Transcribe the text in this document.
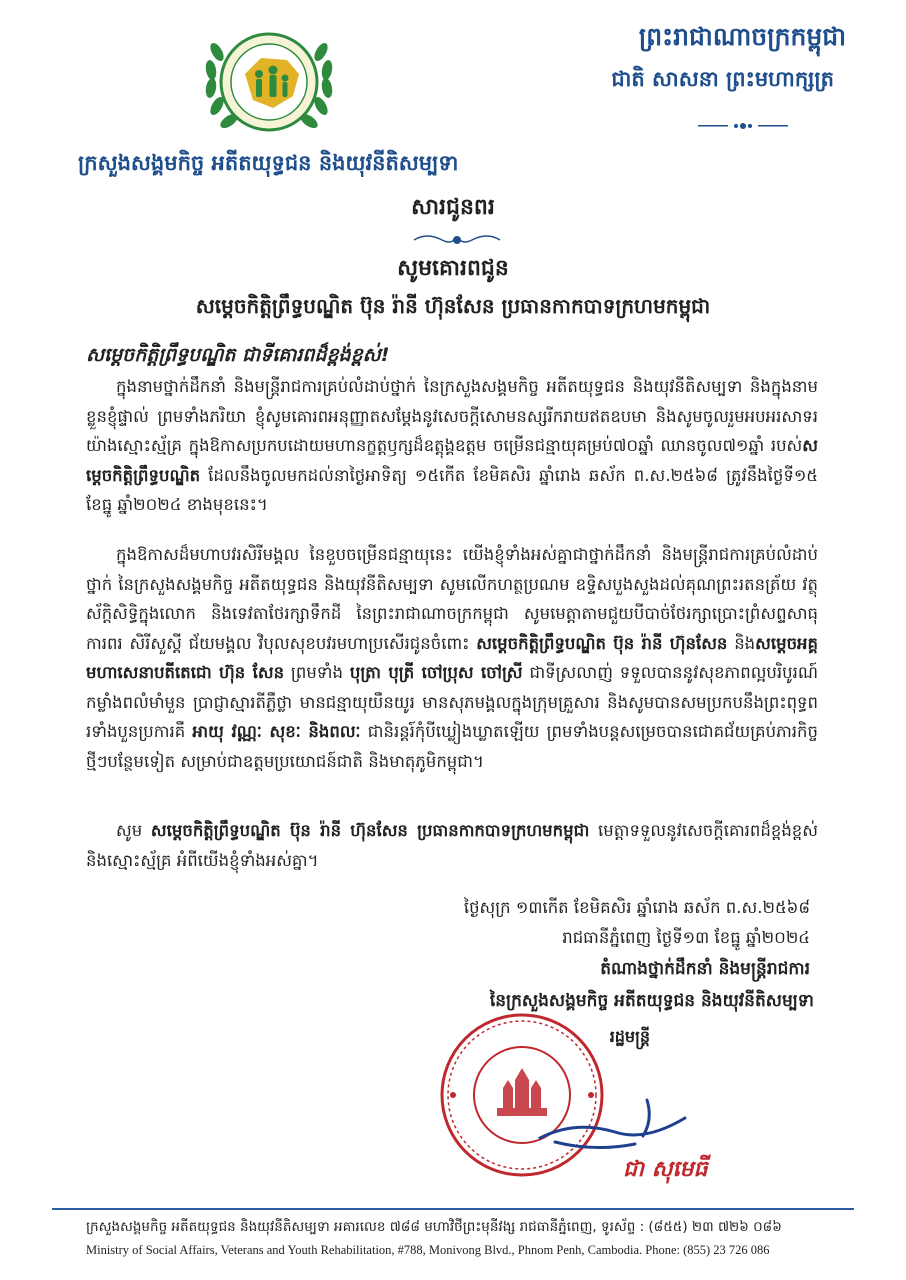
ព្រះរាជាណាចក្រកម្ពុជា
ជាតិ សាសនា ព្រះមហាក្សត្រ
ក្រសួងសង្គមកិច្ច អតីតយុទ្ធជន និងយុវនីតិសម្បទា
សារជូនពរ
សូមគោរពជូន
សម្តេចកិត្តិព្រឹទ្ធបណ្ឌិត ប៊ុន រ៉ានី ហ៊ុនសែន ប្រធានកាកបាទក្រហមកម្ពុជា
សម្តេចកិត្តិព្រឹទ្ធបណ្ឌិត ជាទីគោរពដ៏ខ្ពង់ខ្ពស់!
ក្នុងនាមថ្នាក់ដឹកនាំ និងមន្ត្រីរាជការគ្រប់លំដាប់ថ្នាក់ នៃក្រសួងសង្គមកិច្ច អតីតយុទ្ធជន និងយុវនីតិសម្បទា និងក្នុងនាមខ្លួនខ្ញុំផ្ទាល់ ព្រមទាំងភរិយា ខ្ញុំសូមគោរពអនុញ្ញាតសម្តែងនូវសេចក្តីសោមនស្សរីករាយឥតឧបមា និងសូមចូលរួមអបអរសាទរយ៉ាងស្មោះស្ម័គ្រ ក្នុងឱកាសប្រកបដោយមហានក្ខត្តឫក្សដ៏ឧត្តុង្គឧត្តម ចម្រើនជន្មាយុគម្រប់៧០ឆ្នាំ ឈានចូល៧១ឆ្នាំ របស់សម្តេចកិត្តិព្រឹទ្ធបណ្ឌិត ដែលនឹងចូលមកដល់នាថ្ងៃអាទិត្យ ១៥កើត ខែមិគសិរ ឆ្នាំរោង ឆស័ក ព.ស.២៥៦៨ ត្រូវនឹងថ្ងៃទី១៥ ខែធ្នូ ឆ្នាំ២០២៤ ខាងមុខនេះ។
ក្នុងឱកាសដ៏មហាបវរសិរីមង្គល នៃខួបចម្រើនជន្មាយុនេះ យើងខ្ញុំទាំងអស់គ្នាជាថ្នាក់ដឹកនាំ និងមន្ត្រីរាជការគ្រប់លំដាប់ថ្នាក់ នៃក្រសួងសង្គមកិច្ច អតីតយុទ្ធជន និងយុវនីតិសម្បទា សូមលើកហត្ថប្រណម ឧទ្ទិសបួងសួងដល់គុណព្រះរតនត្រ័យ វត្ថុស័ក្តិសិទ្ធិក្នុងលោក និងទេវតាថែរក្សាទឹកដី នៃព្រះរាជាណាចក្រកម្ពុជា សូមមេត្តាតាមជួយបីបាច់ថែរក្សាប្រោះព្រំសព្ទសាធុការពរ សិរីសួស្តី ជ័យមង្គល វិបុលសុខបវរមហាប្រសើរជូនចំពោះ សម្តេចកិត្តិព្រឹទ្ធបណ្ឌិត ប៊ុន រ៉ានី ហ៊ុនសែន និងសម្តេចអគ្គមហាសេនាបតីតេជោ ហ៊ុន សែន ព្រមទាំង បុត្រា បុត្រី ចៅប្រុស ចៅស្រី ជាទីស្រលាញ់ ទទួលបាននូវសុខភាពល្អបរិបូរណ៍ កម្លាំងពលំមាំមួន ប្រាជ្ញាស្មារតីភ្លឺថ្លា មានជន្មាយុយឺនយូរ មានសុភមង្គលក្នុងក្រុមគ្រួសារ និងសូមបានសមប្រកបនឹងព្រះពុទ្ធពរទាំងបួនប្រការគឺ អាយុ វណ្ណៈ សុខៈ និងពលៈ ជានិរន្តរ៍កុំបីឃ្លៀងឃ្លាតឡើយ ព្រមទាំងបន្តសម្រេចបានជោគជ័យគ្រប់ភារកិច្ចថ្មីៗបន្ថែមទៀត សម្រាប់ជាឧត្តមប្រយោជន៍ជាតិ និងមាតុភូមិកម្ពុជា។
សូម សម្តេចកិត្តិព្រឹទ្ធបណ្ឌិត ប៊ុន រ៉ានី ហ៊ុនសែន ប្រធានកាកបាទក្រហមកម្ពុជា មេត្តាទទួលនូវសេចក្តីគោរពដ៏ខ្ពង់ខ្ពស់ និងស្មោះស្ម័គ្រ អំពីយើងខ្ញុំទាំងអស់គ្នា។
ថ្ងៃសុក្រ ១៣កើត ខែមិគសិរ ឆ្នាំរោង ឆស័ក ព.ស.២៥៦៨
រាជធានីភ្នំពេញ ថ្ងៃទី១៣ ខែធ្នូ ឆ្នាំ២០២៤
តំណាងថ្នាក់ដឹកនាំ និងមន្ត្រីរាជការ
នៃក្រសួងសង្គមកិច្ច អតីតយុទ្ធជន និងយុវនីតិសម្បទា
រដ្ឋមន្ត្រី
ជា សុមេធី
ក្រសួងសង្គមកិច្ច អតីតយុទ្ធជន និងយុវនីតិសម្បទា អគារលេខ ៧៨៨ មហាវិថីព្រះមុនីវង្ស រាជធានីភ្នំពេញ, ទូរស័ព្ទ : (៨៥៥) ២៣ ៧២៦ ០៨៦
Ministry of Social Affairs, Veterans and Youth Rehabilitation, #788, Monivong Blvd., Phnom Penh, Cambodia. Phone: (855) 23 726 086
